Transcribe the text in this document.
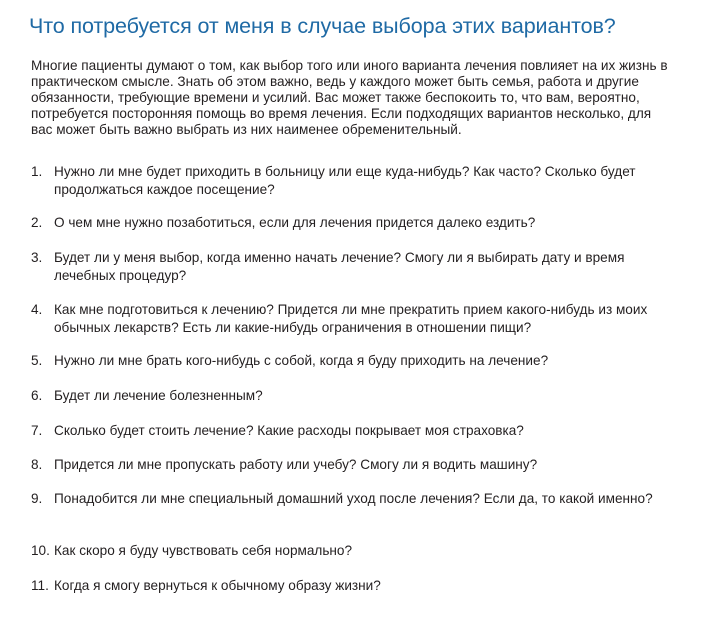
Что потребуется от меня в случае выбора этих вариантов?

Многие пациенты думают о том, как выбор того или иного варианта лечения повлияет на их жизнь в практическом смысле. Знать об этом важно, ведь у каждого может быть семья, работа и другие обязанности, требующие времени и усилий. Вас может также беспокоить то, что вам, вероятно, потребуется посторонняя помощь во время лечения. Если подходящих вариантов несколько, для вас может быть важно выбрать из них наименее обременительный.

1. Нужно ли мне будет приходить в больницу или еще куда-нибудь? Как часто? Сколько будет продолжаться каждое посещение?
2. О чем мне нужно позаботиться, если для лечения придется далеко ездить?
3. Будет ли у меня выбор, когда именно начать лечение? Смогу ли я выбирать дату и время лечебных процедур?
4. Как мне подготовиться к лечению? Придется ли мне прекратить прием какого-нибудь из моих обычных лекарств? Есть ли какие-нибудь ограничения в отношении пищи?
5. Нужно ли мне брать кого-нибудь с собой, когда я буду приходить на лечение?
6. Будет ли лечение болезненным?
7. Сколько будет стоить лечение? Какие расходы покрывает моя страховка?
8. Придется ли мне пропускать работу или учебу? Смогу ли я водить машину?
9. Понадобится ли мне специальный домашний уход после лечения? Если да, то какой именно?
10. Как скоро я буду чувствовать себя нормально?
11. Когда я смогу вернуться к обычному образу жизни?
